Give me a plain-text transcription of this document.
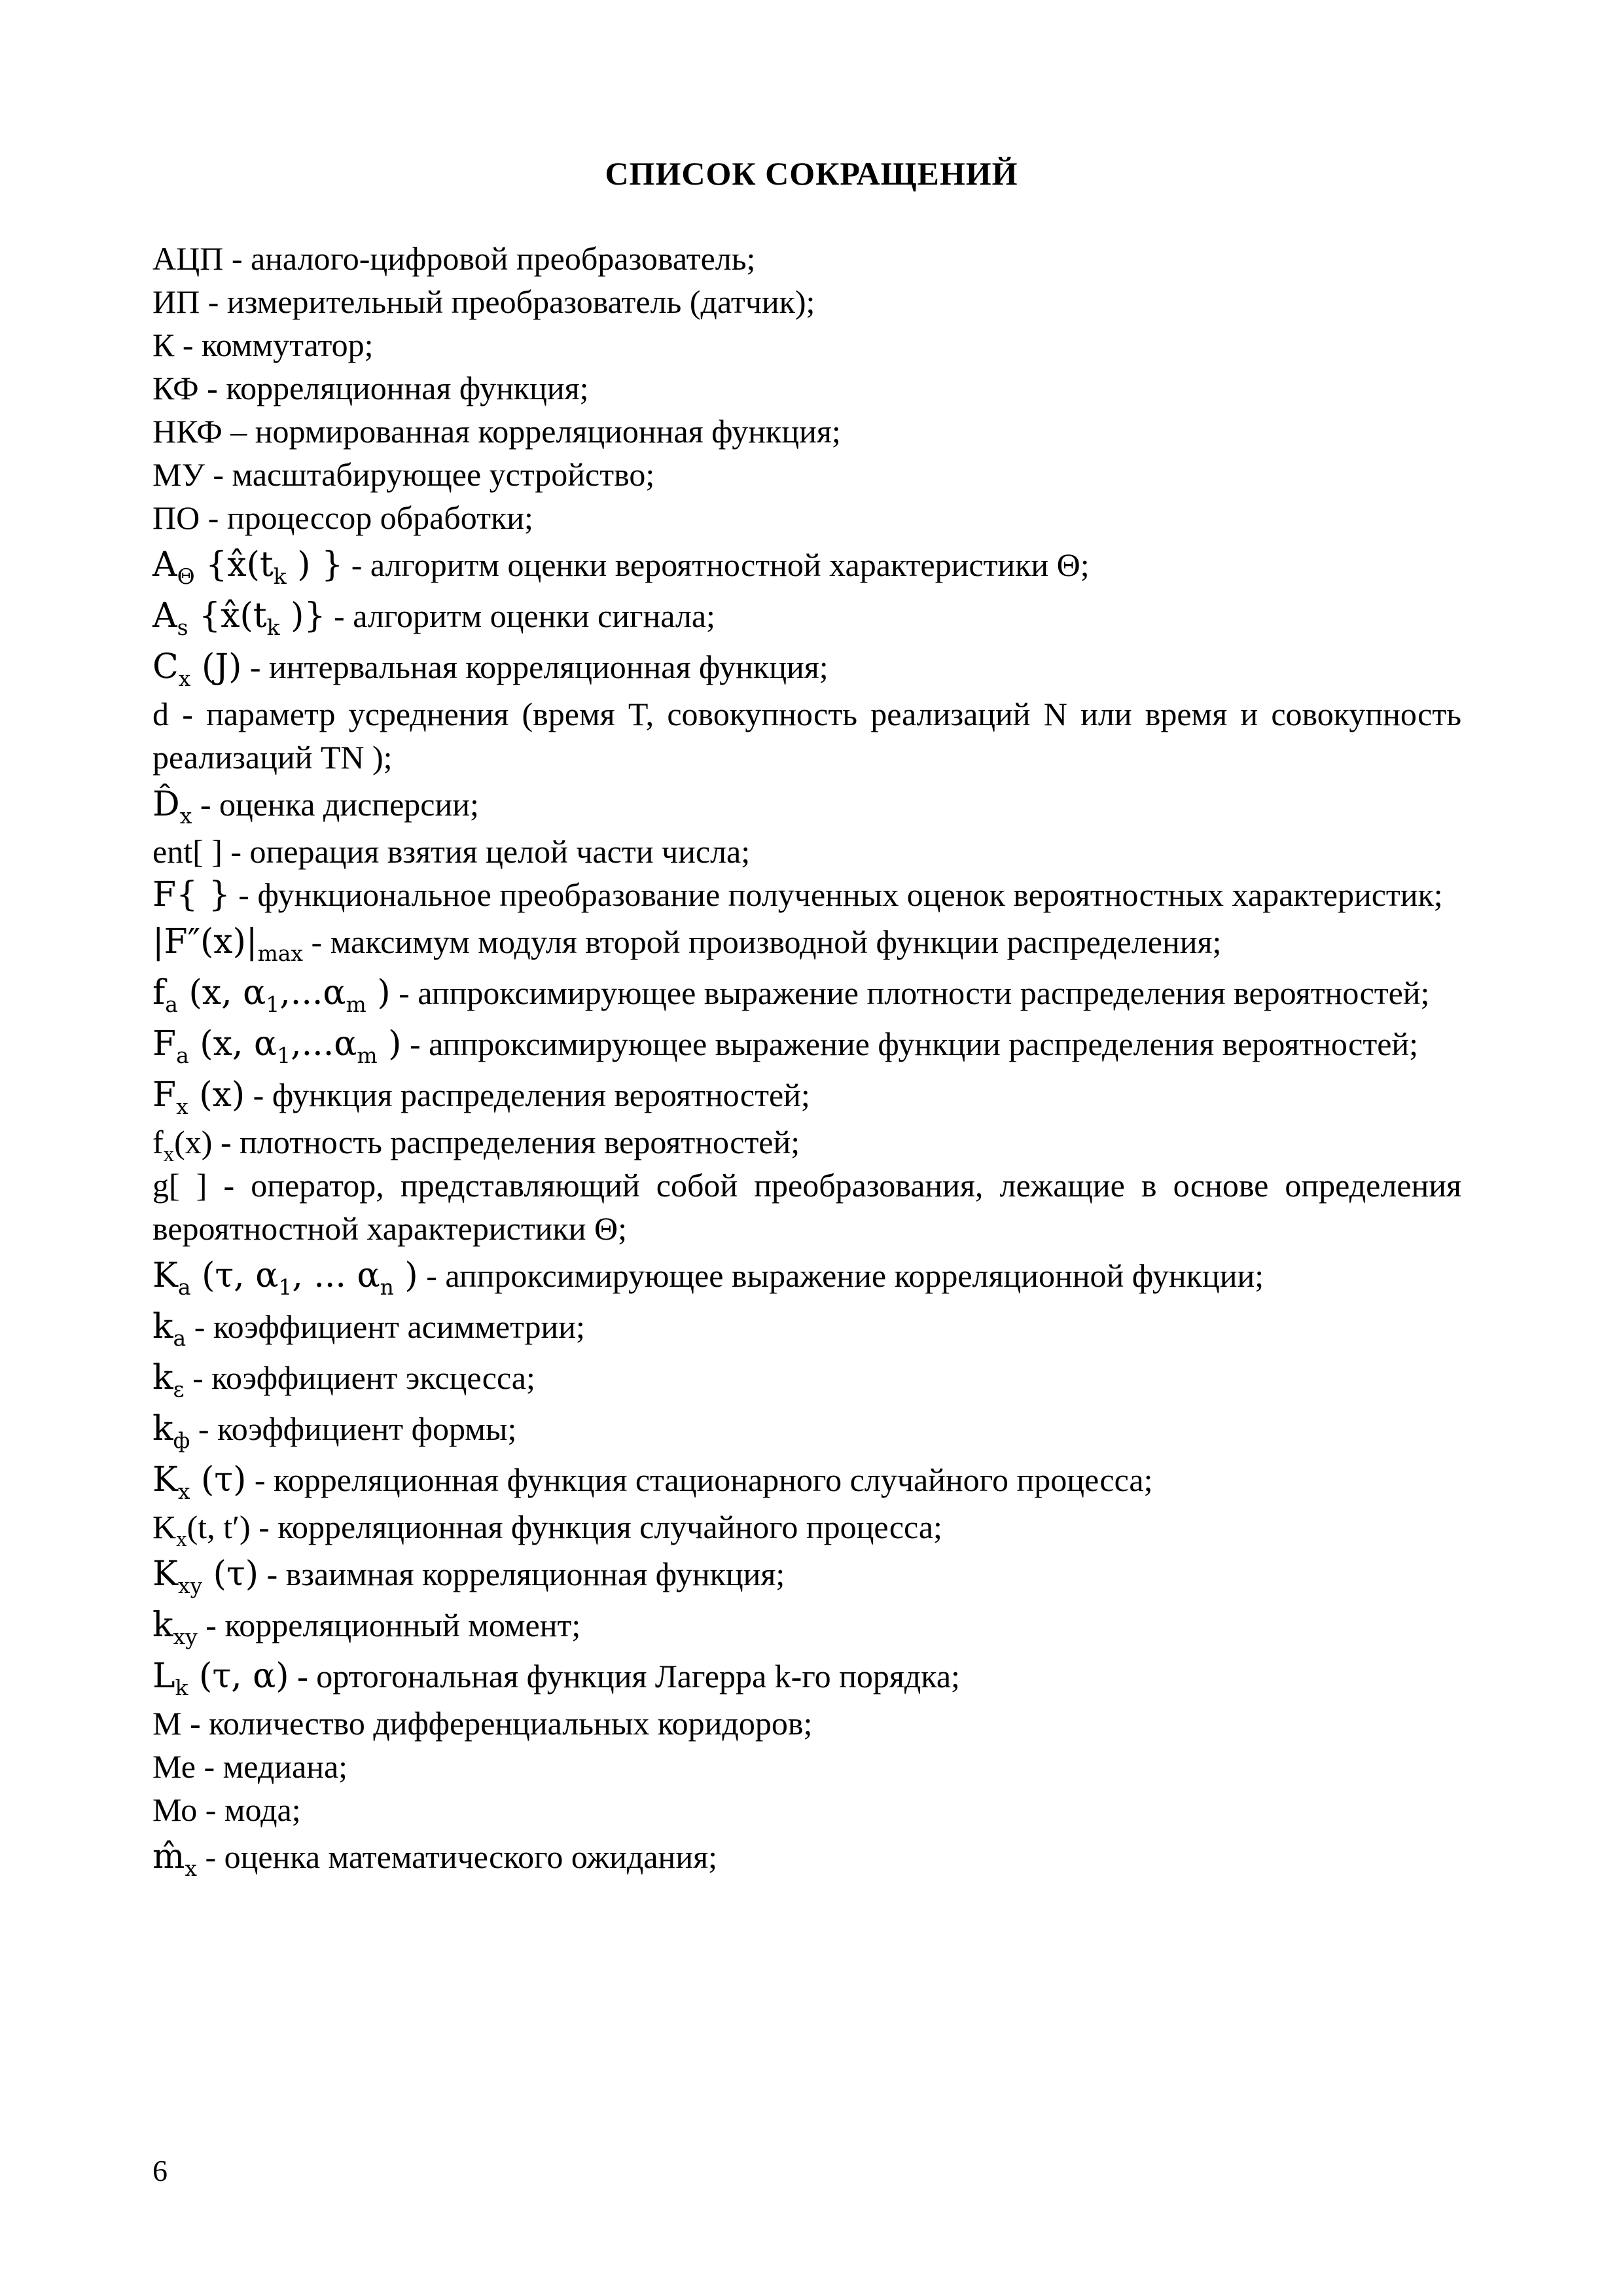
СПИСОК СОКРАЩЕНИЙ

АЦП - аналого-цифровой преобразователь;

ИП - измерительный преобразователь (датчик);

К - коммутатор;

КФ - корреляционная функция;

НКФ – нормированная корреляционная функция;

МУ - масштабирующее устройство;

ПО - процессор обработки;

$A_\Theta$ {$x̂(t_k$ ) } - алгоритм оценки вероятностной характеристики Θ;

$A_s$ {$x̂(t_k$ )} - алгоритм оценки сигнала;

$C_x$ (J) - интервальная корреляционная функция;

d - параметр усреднения (время T, совокупность реализаций N или время и совокупность реализаций TN );

$D̂_x$ - оценка дисперсии;

ent[ ] - операция взятия целой части числа;

F{ } - функциональное преобразование полученных оценок вероятностных характеристик;

$|F''(x)|_{max}$ - максимум модуля второй производной функции распределения;

$f_a$ (x, $\alpha_1,...\alpha_m$ ) - аппроксимирующее выражение плотности распределения вероятностей;

$F_a$ (x, $\alpha_1,...\alpha_m$ ) - аппроксимирующее выражение функции распределения вероятностей;

$F_x$ (x) - функция распределения вероятностей;

$f_x(x)$ - плотность распределения вероятностей;

g[ ] - оператор, представляющий собой преобразования, лежащие в основе определения вероятностной характеристики Θ;

$K_a$ (τ, $\alpha_1$, ... $\alpha_n$ ) - аппроксимирующее выражение корреляционной функции;

$k_a$ - коэффициент асимметрии;

$k_\varepsilon$ - коэффициент эксцесса;

$k_ф$ - коэффициент формы;

$K_x$ (τ) - корреляционная функция стационарного случайного процесса;

$K_x(t$, t′) - корреляционная функция случайного процесса;

$K_{xy}$ (τ) - взаимная корреляционная функция;

$k_{xy}$ - корреляционный момент;

$L_k$ (τ, α) - ортогональная функция Лагерра k-го порядка;

М - количество дифференциальных коридоров;

Ме - медиана;

Мо - мода;

$m̂_x$ - оценка математического ожидания;

6
